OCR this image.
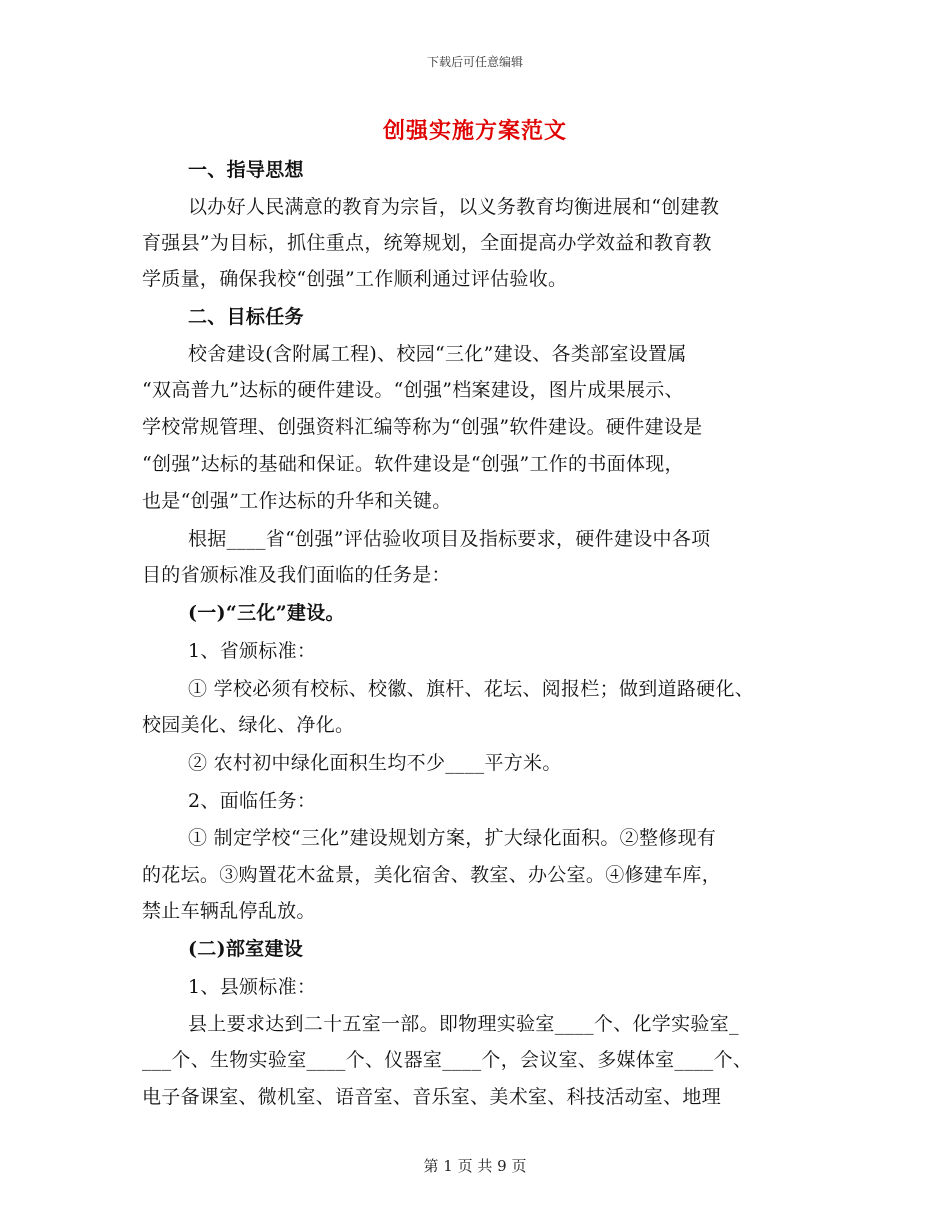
下载后可任意编辑
创强实施方案范文
一、指导思想
以办好人民满意的教育为宗旨，以义务教育均衡进展和“创建教
育强县”为目标，抓住重点，统筹规划，全面提高办学效益和教育教
学质量，确保我校“创强”工作顺利通过评估验收。
二、目标任务
校舍建设(含附属工程)、校园“三化”建设、各类部室设置属
“双高普九”达标的硬件建设。“创强”档案建设，图片成果展示、
学校常规管理、创强资料汇编等称为“创强”软件建设。硬件建设是
“创强”达标的基础和保证。软件建设是“创强”工作的书面体现，
也是“创强”工作达标的升华和关键。
根据____省“创强”评估验收项目及指标要求，硬件建设中各项
目的省颁标准及我们面临的任务是：
(一)“三化”建设。
1、省颁标准：
① 学校必须有校标、校徽、旗杆、花坛、阅报栏；做到道路硬化、
校园美化、绿化、净化。
② 农村初中绿化面积生均不少____平方米。
2、面临任务：
① 制定学校“三化”建设规划方案，扩大绿化面积。②整修现有
的花坛。③购置花木盆景，美化宿舍、教室、办公室。④修建车库，
禁止车辆乱停乱放。
(二)部室建设
1、县颁标准：
县上要求达到二十五室一部。即物理实验室____个、化学实验室_
___个、生物实验室____个、仪器室____个，会议室、多媒体室____个、
电子备课室、微机室、语音室、音乐室、美术室、科技活动室、地理
第 1 页 共 9 页
